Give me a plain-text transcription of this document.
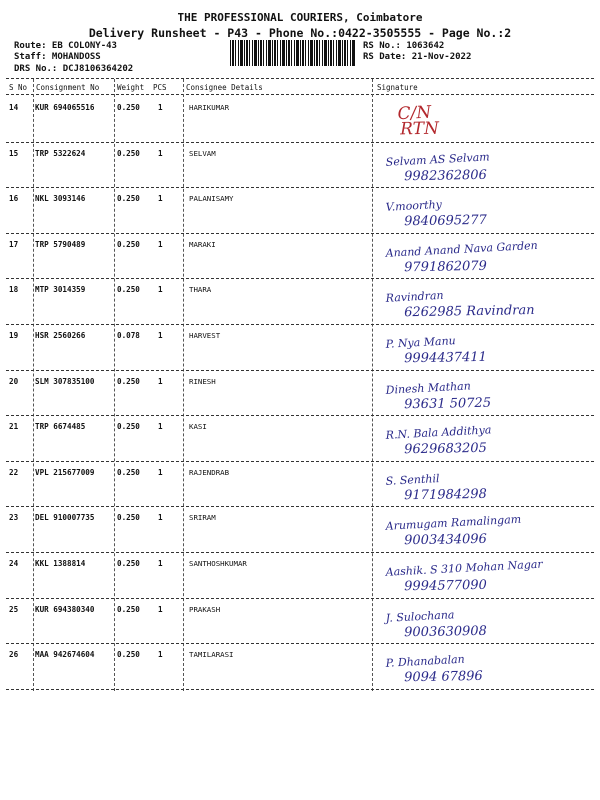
THE PROFESSIONAL COURIERS, Coimbatore
Delivery Runsheet - P43 - Phone No.:0422-3505555 - Page No.:2
Route: EB COLONY-43
Staff: MOHANDOSS
DRS No.: DCJ8106364202
RS No.: 1063642
RS Date: 21-Nov-2022
S No Consignment No Weight PCS	Consignee Details	Signature
14 KUR 694065516	0.250 1	HARIKUMAR	C/N
RTN
15 TRP 5322624	0.250 1	SELVAM	Selvam AS Selvam
9982362806
16 NKL 3093146	0.250 1	PALANISAMY	V.moorthy
9840695277
17 TRP 5790489	0.250 1	MARAKI	Anand Anand Nava Garden
9791862079
18 MTP 3014359	0.250 1	THARA	Ravindran
6262985 Ravindran
19 HSR 2560266	0.078 1	HARVEST	P. Nya Manu
9994437411
20 SLM 307835100	0.250 1	RINESH	Dinesh Mathan
93631 50725
21 TRP 6674485	0.250 1	KASI	R.N. Bala Addithya
9629683205
22 VPL 215677009	0.250 1	RAJENDRAB	S. Senthil
9171984298
23 DEL 910007735	0.250 1	SRIRAM	Arumugam Ramalingam
9003434096
24 KKL 1388814	0.250 1	SANTHOSHKUMAR	Aashik. S 310 Mohan Nagar
9994577090
25 KUR 694380340	0.250 1	PRAKASH	J. Sulochana
9003630908
26 MAA 942674604	0.250 1	TAMILARASI	P. Dhanabalan
9094 67896
